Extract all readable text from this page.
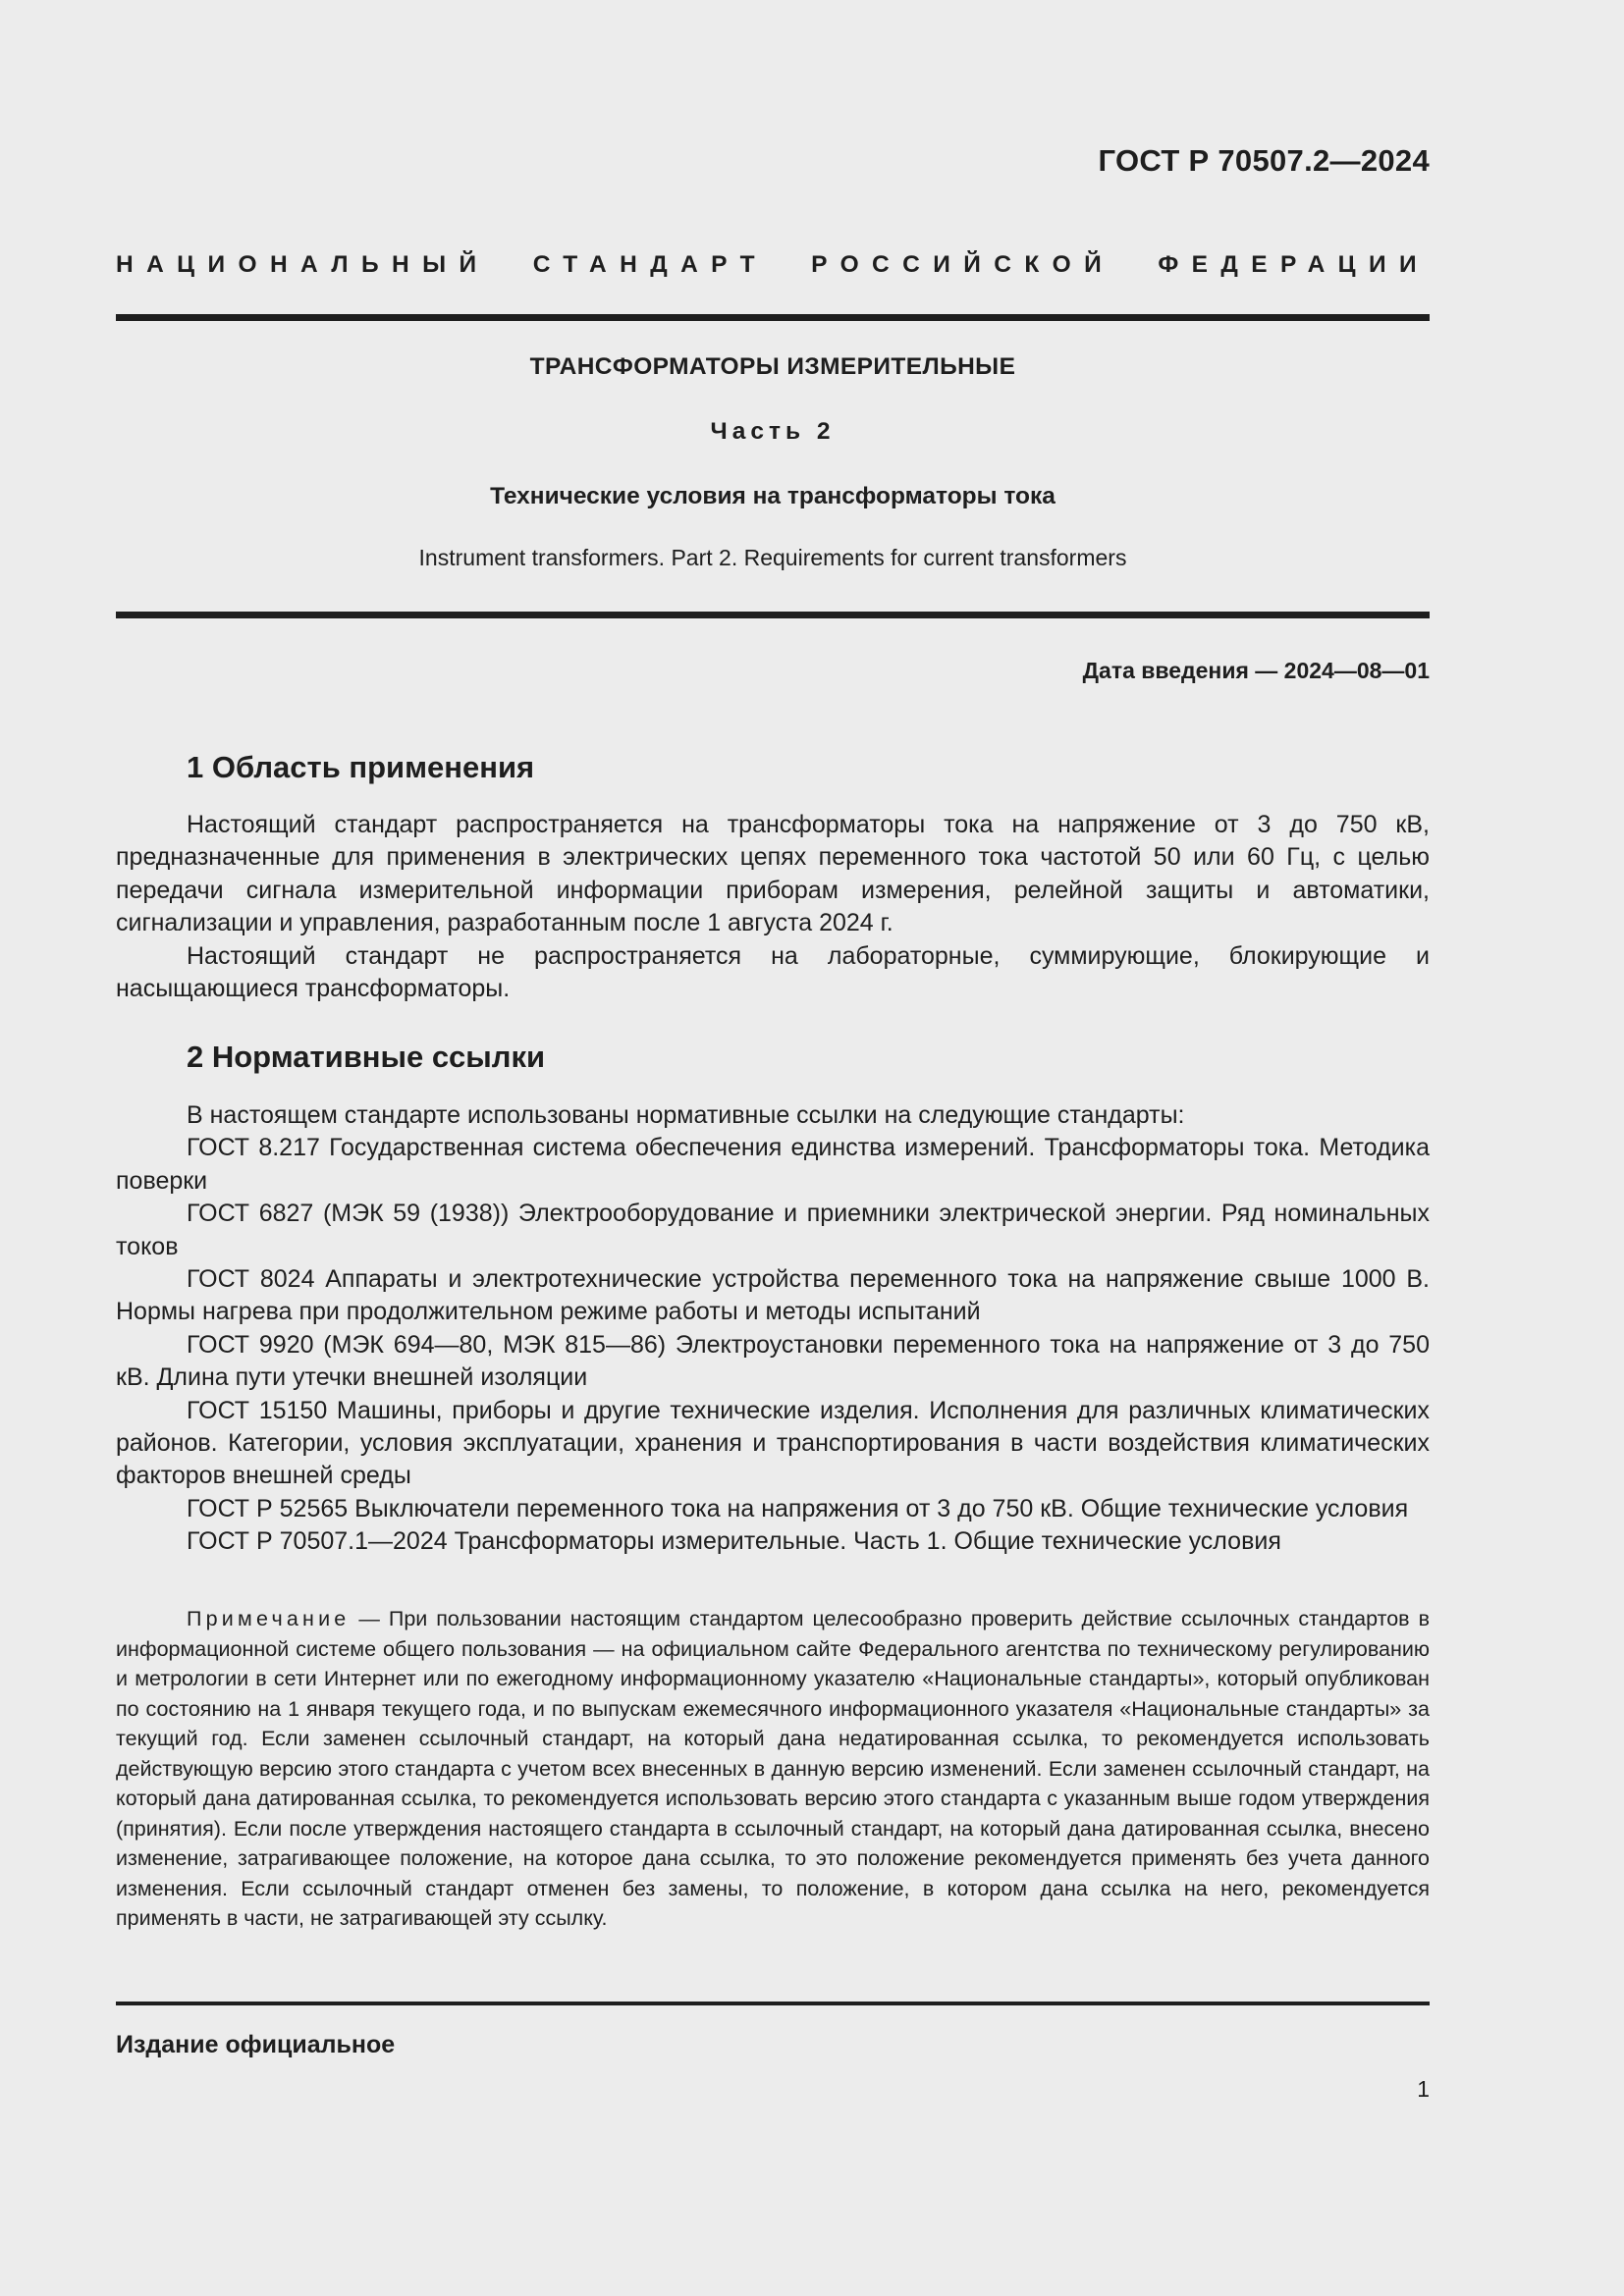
ГОСТ Р 70507.2—2024
НАЦИОНАЛЬНЫЙ СТАНДАРТ РОССИЙСКОЙ ФЕДЕРАЦИИ
ТРАНСФОРМАТОРЫ ИЗМЕРИТЕЛЬНЫЕ
Часть 2
Технические условия на трансформаторы тока
Instrument transformers. Part 2. Requirements for current transformers
Дата введения — 2024—08—01
1 Область применения

Настоящий стандарт распространяется на трансформаторы тока на напряжение от 3 до 750 кВ, предназначенные для применения в электрических цепях переменного тока частотой 50 или 60 Гц, с целью передачи сигнала измерительной информации приборам измерения, релейной защиты и автоматики, сигнализации и управления, разработанным после 1 августа 2024 г.

Настоящий стандарт не распространяется на лабораторные, суммирующие, блокирующие и насыщающиеся трансформаторы.

2 Нормативные ссылки

В настоящем стандарте использованы нормативные ссылки на следующие стандарты:

ГОСТ 8.217 Государственная система обеспечения единства измерений. Трансформаторы тока. Методика поверки

ГОСТ 6827 (МЭК 59 (1938)) Электрооборудование и приемники электрической энергии. Ряд номинальных токов

ГОСТ 8024 Аппараты и электротехнические устройства переменного тока на напряжение свыше 1000 В. Нормы нагрева при продолжительном режиме работы и методы испытаний

ГОСТ 9920 (МЭК 694—80, МЭК 815—86) Электроустановки переменного тока на напряжение от 3 до 750 кВ. Длина пути утечки внешней изоляции

ГОСТ 15150 Машины, приборы и другие технические изделия. Исполнения для различных климатических районов. Категории, условия эксплуатации, хранения и транспортирования в части воздействия климатических факторов внешней среды

ГОСТ Р 52565 Выключатели переменного тока на напряжения от 3 до 750 кВ. Общие технические условия

ГОСТ Р 70507.1—2024 Трансформаторы измерительные. Часть 1. Общие технические условия

Примечание — При пользовании настоящим стандартом целесообразно проверить действие ссылочных стандартов в информационной системе общего пользования — на официальном сайте Федерального агентства по техническому регулированию и метрологии в сети Интернет или по ежегодному информационному указателю «Национальные стандарты», который опубликован по состоянию на 1 января текущего года, и по выпускам ежемесячного информационного указателя «Национальные стандарты» за текущий год. Если заменен ссылочный стандарт, на который дана недатированная ссылка, то рекомендуется использовать действующую версию этого стандарта с учетом всех внесенных в данную версию изменений. Если заменен ссылочный стандарт, на который дана датированная ссылка, то рекомендуется использовать версию этого стандарта с указанным выше годом утверждения (принятия). Если после утверждения настоящего стандарта в ссылочный стандарт, на который дана датированная ссылка, внесено изменение, затрагивающее положение, на которое дана ссылка, то это положение рекомендуется применять без учета данного изменения. Если ссылочный стандарт отменен без замены, то положение, в котором дана ссылка на него, рекомендуется применять в части, не затрагивающей эту ссылку.

Издание официальное
1
